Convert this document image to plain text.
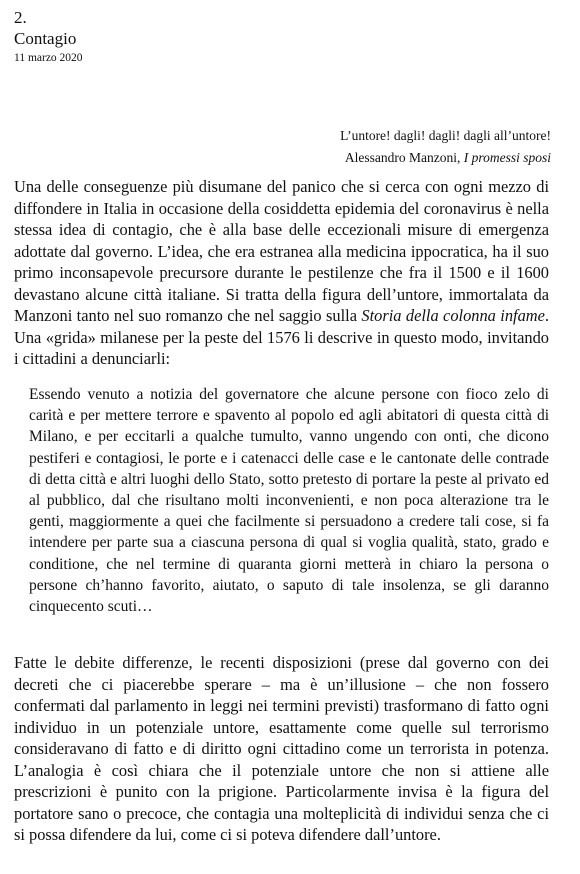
2.
Contagio
11 marzo 2020
L’untore! dagli! dagli! dagli all’untore!
Alessandro Manzoni, I promessi sposi

Una delle conseguenze più disumane del panico che si cerca con ogni mezzo di diffondere in Italia in occasione della cosiddetta epidemia del coronavirus è nella stessa idea di contagio, che è alla base delle eccezionali misure di emergenza adottate dal governo. L’idea, che era estranea alla medicina ippocratica, ha il suo primo inconsapevole precursore durante le pestilenze che fra il 1500 e il 1600 devastano alcune città italiane. Si tratta della figura dell’untore, immortalata da Manzoni tanto nel suo romanzo che nel saggio sulla Storia della colonna infame. Una «grida» milanese per la peste del 1576 li descrive in questo modo, invitando i cittadini a denunciarli:

Essendo venuto a notizia del governatore che alcune persone con fioco zelo di carità e per mettere terrore e spavento al popolo ed agli abitatori di questa città di Milano, e per eccitarli a qualche tumulto, vanno ungendo con onti, che dicono pestiferi e contagiosi, le porte e i catenacci delle case e le cantonate delle contrade di detta città e altri luoghi dello Stato, sotto pretesto di portare la peste al privato ed al pubblico, dal che risultano molti inconvenienti, e non poca alterazione tra le genti, maggiormente a quei che facilmente si persuadono a credere tali cose, si fa intendere per parte sua a ciascuna persona di qual si voglia qualità, stato, grado e conditione, che nel termine di quaranta giorni metterà in chiaro la persona o persone ch’hanno favorito, aiutato, o saputo di tale insolenza, se gli daranno cinquecento scuti…

Fatte le debite differenze, le recenti disposizioni (prese dal governo con dei decreti che ci piacerebbe sperare – ma è un’illusione – che non fossero confermati dal parlamento in leggi nei termini previsti) trasformano di fatto ogni individuo in un potenziale untore, esattamente come quelle sul terrorismo consideravano di fatto e di diritto ogni cittadino come un terrorista in potenza. L’analogia è così chiara che il potenziale untore che non si attiene alle prescrizioni è punito con la prigione. Particolarmente invisa è la figura del portatore sano o precoce, che contagia una molteplicità di individui senza che ci si possa difendere da lui, come ci si poteva difendere dall’untore.
